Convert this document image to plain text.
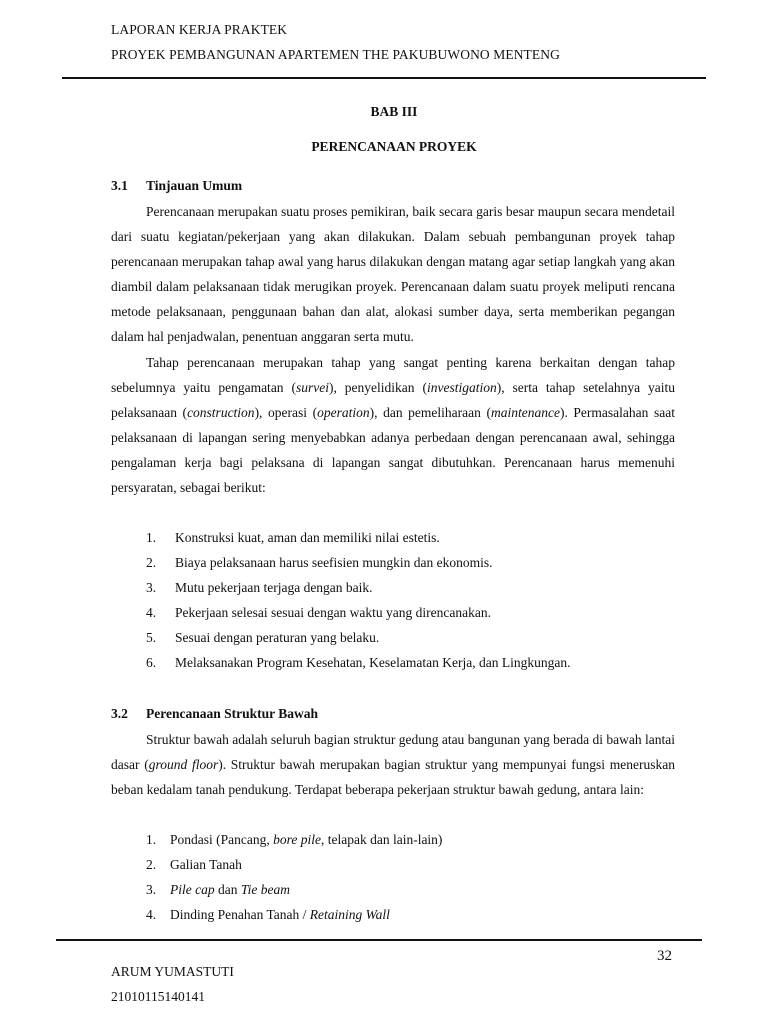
LAPORAN KERJA PRAKTEK
PROYEK PEMBANGUNAN APARTEMEN THE PAKUBUWONO MENTENG
BAB III
PERENCANAAN PROYEK
3.1 Tinjauan Umum

Perencanaan merupakan suatu proses pemikiran, baik secara garis besar maupun secara mendetail dari suatu kegiatan/pekerjaan yang akan dilakukan. Dalam sebuah pembangunan proyek tahap perencanaan merupakan tahap awal yang harus dilakukan dengan matang agar setiap langkah yang akan diambil dalam pelaksanaan tidak merugikan proyek. Perencanaan dalam suatu proyek meliputi rencana metode pelaksanaan, penggunaan bahan dan alat, alokasi sumber daya, serta memberikan pegangan dalam hal penjadwalan, penentuan anggaran serta mutu.

Tahap perencanaan merupakan tahap yang sangat penting karena berkaitan dengan tahap sebelumnya yaitu pengamatan (survei), penyelidikan (investigation), serta tahap setelahnya yaitu pelaksanaan (construction), operasi (operation), dan pemeliharaan (maintenance). Permasalahan saat pelaksanaan di lapangan sering menyebabkan adanya perbedaan dengan perencanaan awal, sehingga pengalaman kerja bagi pelaksana di lapangan sangat dibutuhkan. Perencanaan harus memenuhi persyaratan, sebagai berikut:

1. Konstruksi kuat, aman dan memiliki nilai estetis.
2. Biaya pelaksanaan harus seefisien mungkin dan ekonomis.
3. Mutu pekerjaan terjaga dengan baik.
4. Pekerjaan selesai sesuai dengan waktu yang direncanakan.
5. Sesuai dengan peraturan yang belaku.
6. Melaksanakan Program Kesehatan, Keselamatan Kerja, dan Lingkungan.
3.2 Perencanaan Struktur Bawah

Struktur bawah adalah seluruh bagian struktur gedung atau bangunan yang berada di bawah lantai dasar (ground floor). Struktur bawah merupakan bagian struktur yang mempunyai fungsi meneruskan beban kedalam tanah pendukung. Terdapat beberapa pekerjaan struktur bawah gedung, antara lain:

1. Pondasi (Pancang, bore pile, telapak dan lain-lain)
2. Galian Tanah
3. Pile cap dan Tie beam
4. Dinding Penahan Tanah / Retaining Wall
32
ARUM YUMASTUTI
21010115140141
